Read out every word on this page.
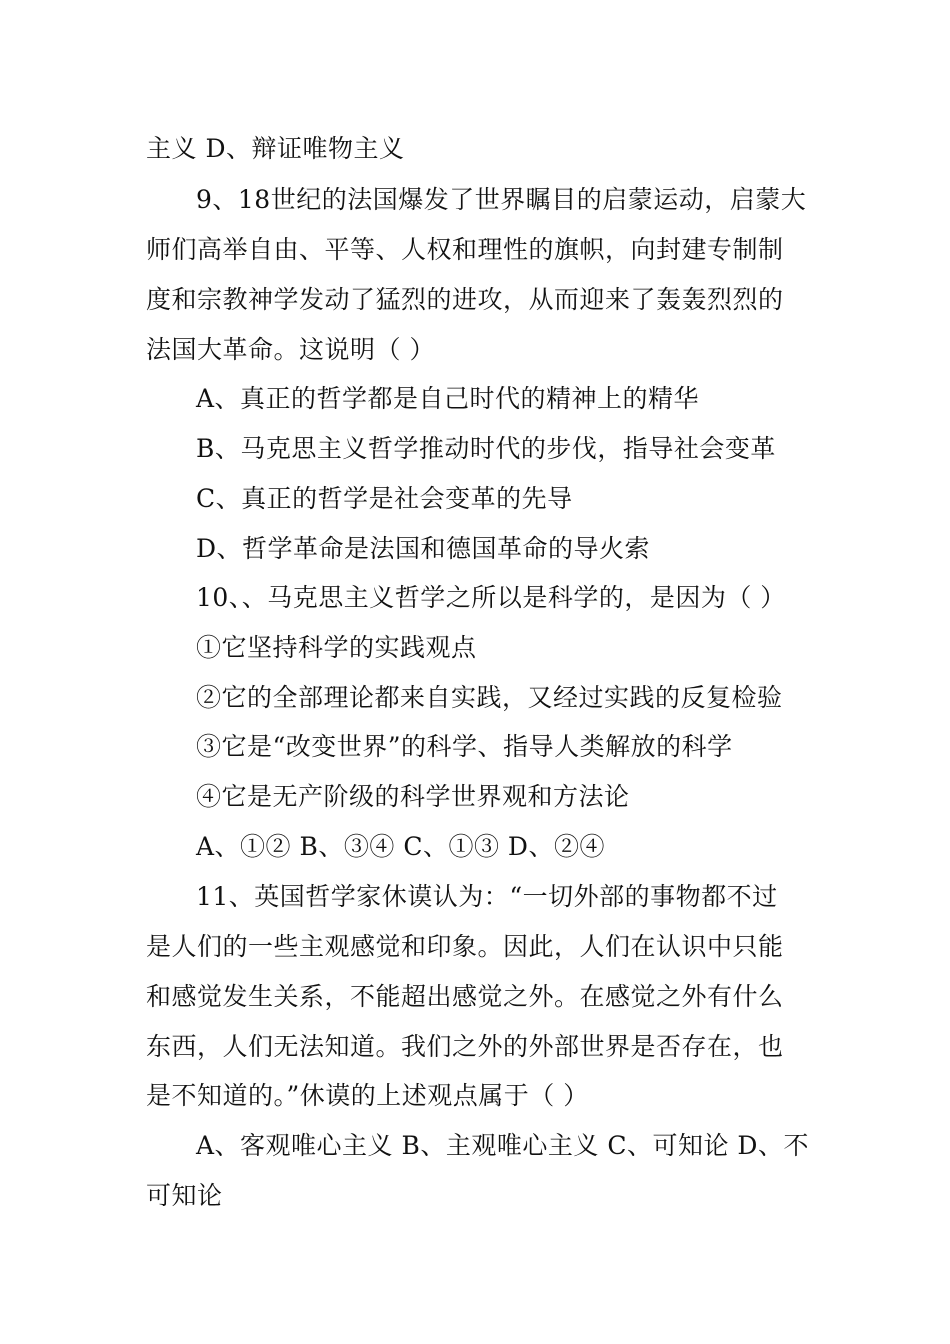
主义 D、辩证唯物主义
9、18世纪的法国爆发了世界瞩目的启蒙运动，启蒙大
师们高举自由、平等、人权和理性的旗帜，向封建专制制
度和宗教神学发动了猛烈的进攻，从而迎来了轰轰烈烈的
法国大革命。这说明（ ）
A、真正的哲学都是自己时代的精神上的精华
B、马克思主义哲学推动时代的步伐，指导社会变革
C、真正的哲学是社会变革的先导
D、哲学革命是法国和德国革命的导火索
10、、马克思主义哲学之所以是科学的，是因为（ ）
①它坚持科学的实践观点
②它的全部理论都来自实践，又经过实践的反复检验
③它是“改变世界”的科学、指导人类解放的科学
④它是无产阶级的科学世界观和方法论
A、①② B、③④ C、①③ D、②④
11、英国哲学家休谟认为：“一切外部的事物都不过
是人们的一些主观感觉和印象。因此，人们在认识中只能
和感觉发生关系，不能超出感觉之外。在感觉之外有什么
东西，人们无法知道。我们之外的外部世界是否存在，也
是不知道的。”休谟的上述观点属于（ ）
A、客观唯心主义 B、主观唯心主义 C、可知论 D、不
可知论
